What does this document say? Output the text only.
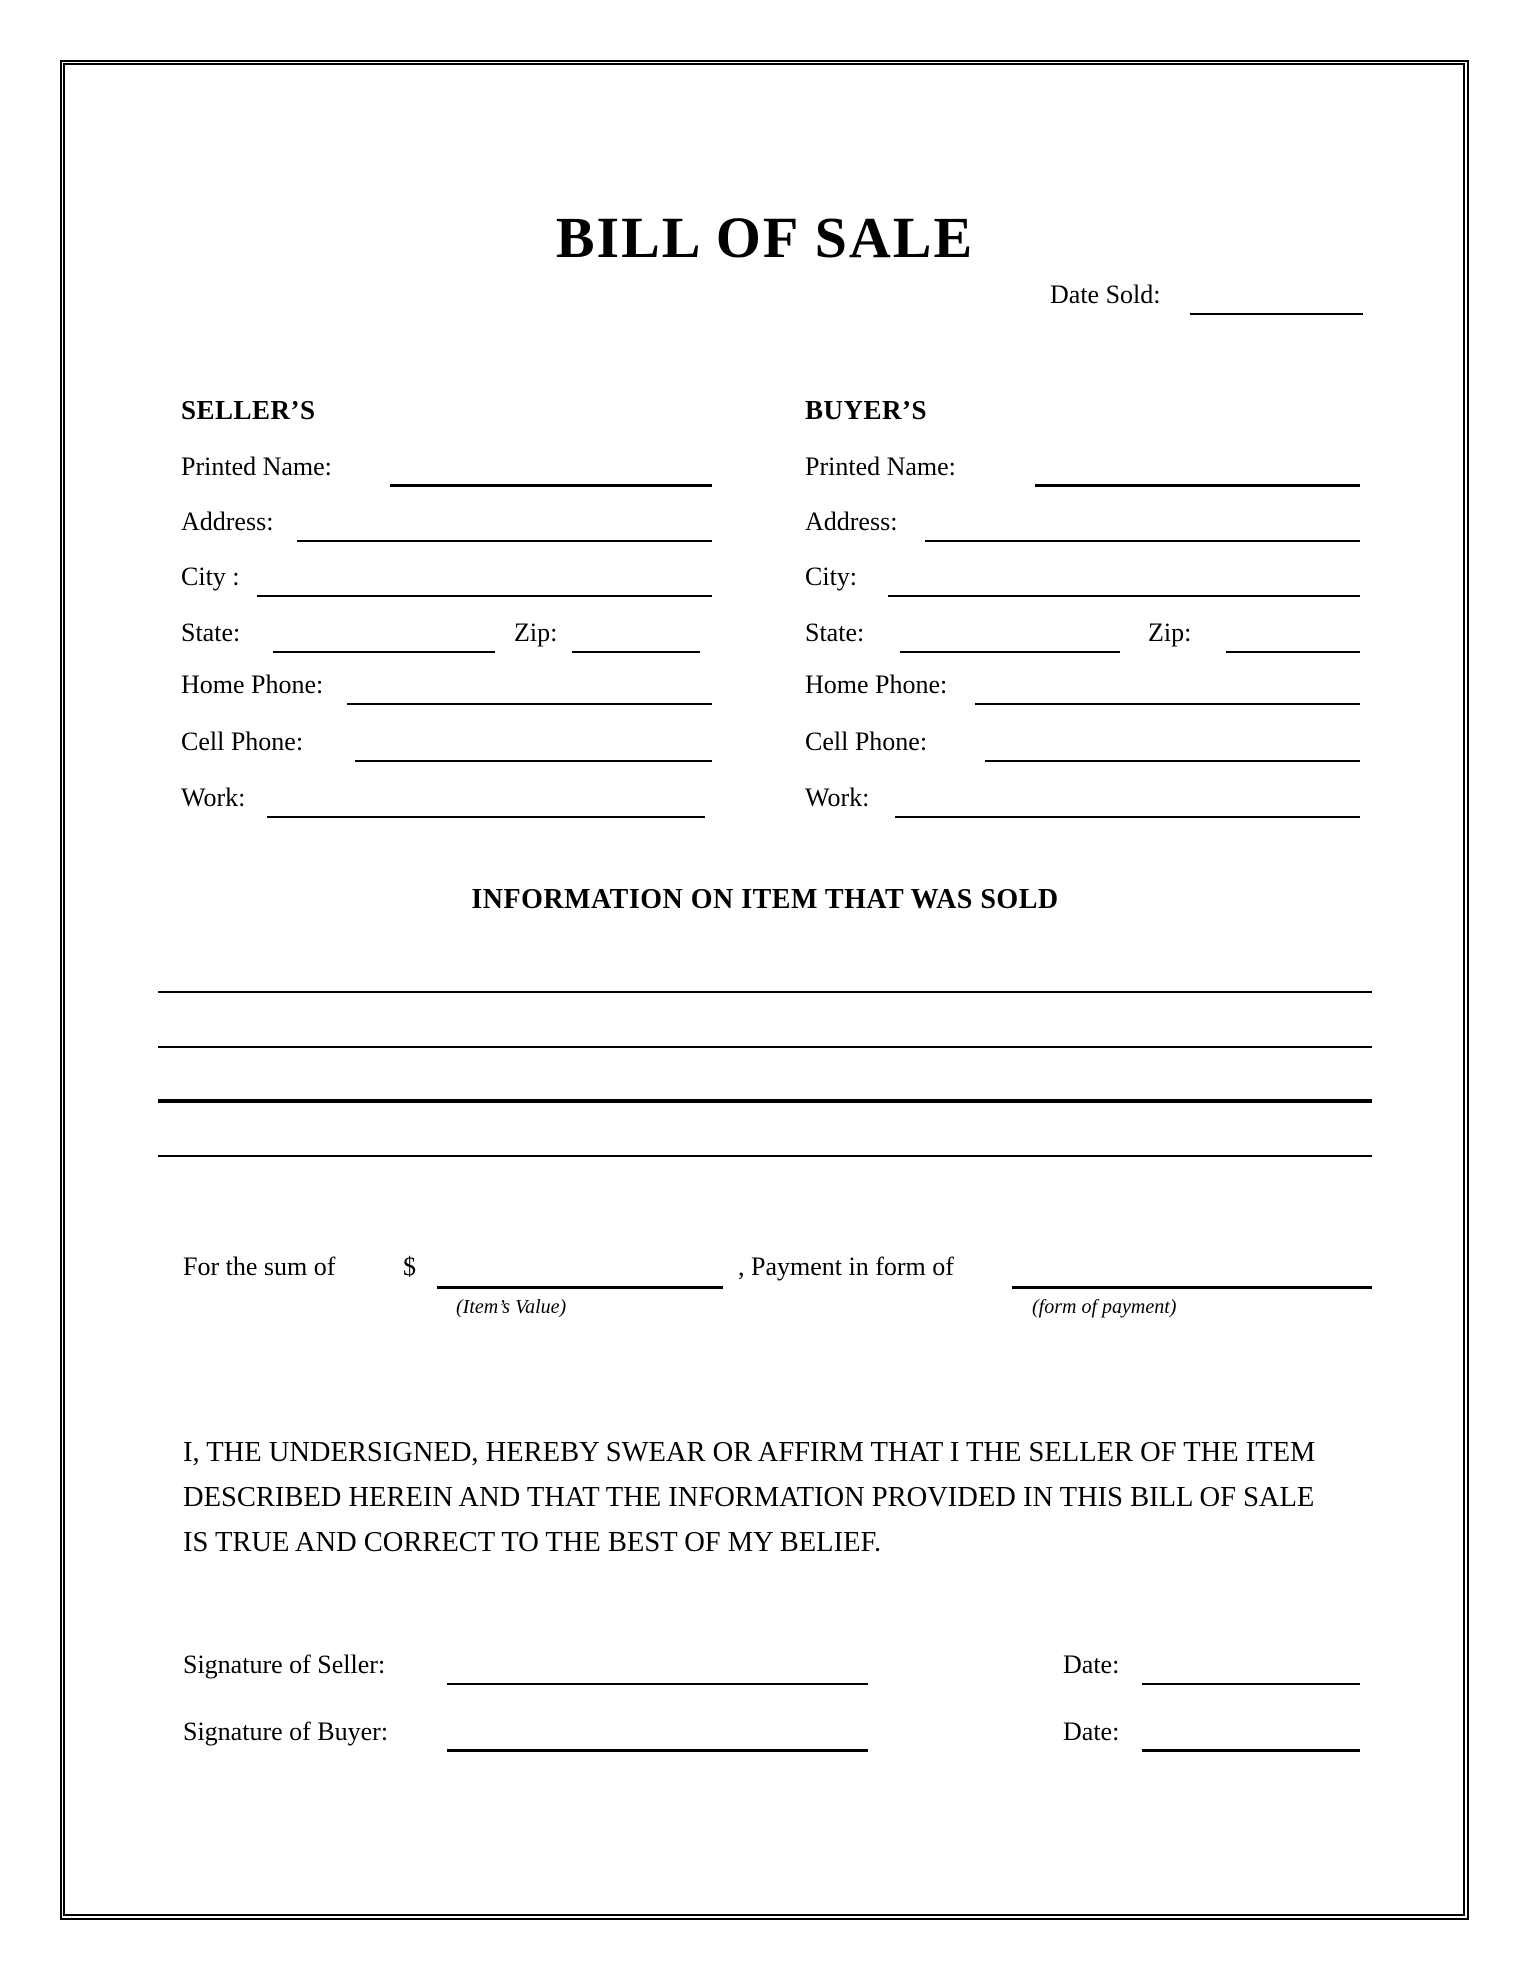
BILL OF SALE
Date Sold:
SELLER’S
Printed Name:
Address:
City :
State:	Zip:
Home Phone:
Cell Phone:
Work:
BUYER’S
Printed Name:
Address:
City:
State:	Zip:
Home Phone:
Cell Phone:
Work:
INFORMATION ON ITEM THAT WAS SOLD
For the sum of	$
(Item’s Value)
, Payment in form of
(form of payment)
I, THE UNDERSIGNED, HEREBY SWEAR OR AFFIRM THAT I THE SELLER OF THE ITEM DESCRIBED HEREIN AND THAT THE INFORMATION PROVIDED IN THIS BILL OF SALE IS TRUE AND CORRECT TO THE BEST OF MY BELIEF.
Signature of Seller:	Date:
Signature of Buyer:	Date:
